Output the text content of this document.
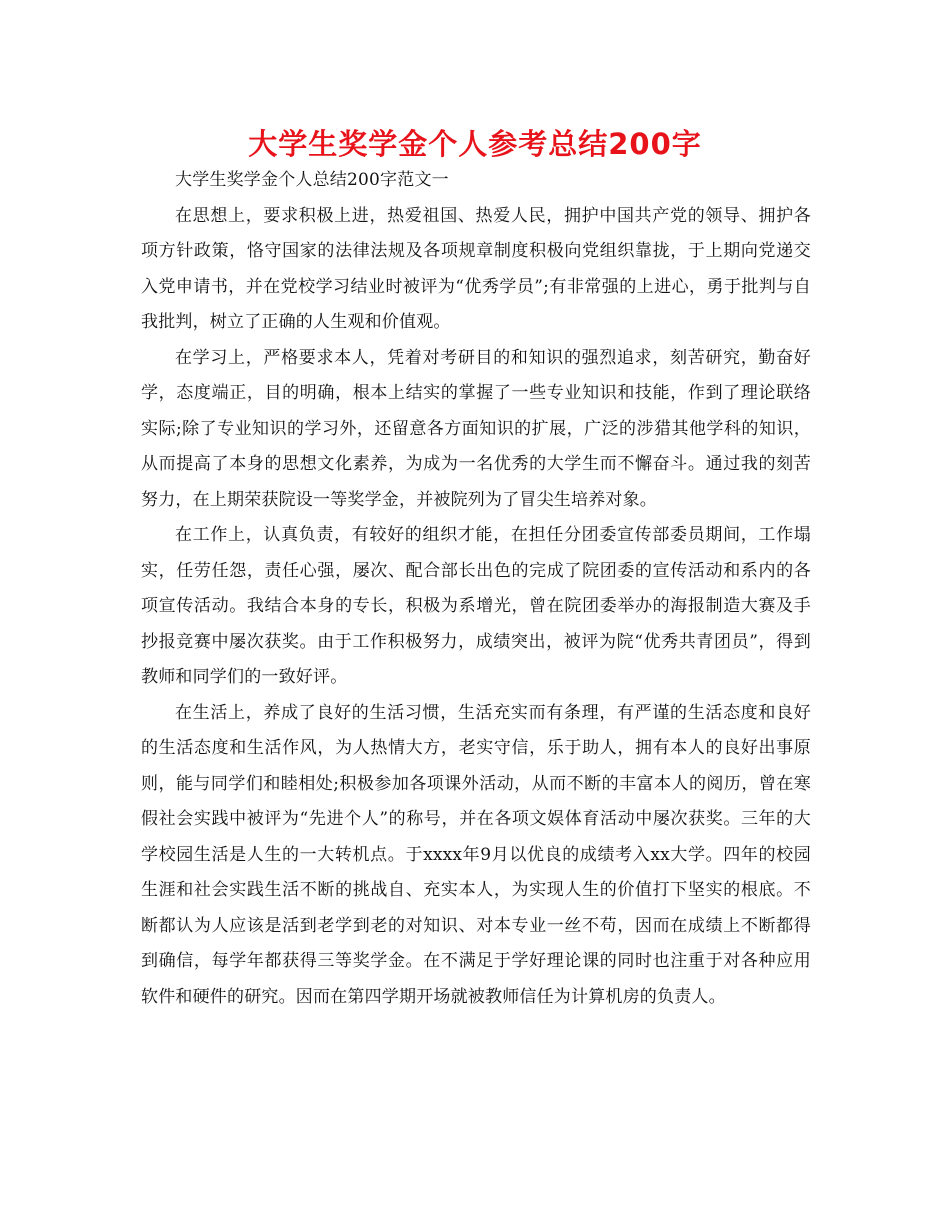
大学生奖学金个人参考总结200字

大学生奖学金个人总结200字范文一

在思想上，要求积极上进，热爱祖国、热爱人民，拥护中国共产党的领导、拥护各项方针政策，恪守国家的法律法规及各项规章制度积极向党组织靠拢，于上期向党递交入党申请书，并在党校学习结业时被评为“优秀学员”;有非常强的上进心，勇于批判与自我批判，树立了正确的人生观和价值观。

在学习上，严格要求本人，凭着对考研目的和知识的强烈追求，刻苦研究，勤奋好学，态度端正，目的明确，根本上结实的掌握了一些专业知识和技能，作到了理论联络实际;除了专业知识的学习外，还留意各方面知识的扩展，广泛的涉猎其他学科的知识，从而提高了本身的思想文化素养，为成为一名优秀的大学生而不懈奋斗。通过我的刻苦努力，在上期荣获院设一等奖学金，并被院列为了冒尖生培养对象。

在工作上，认真负责，有较好的组织才能，在担任分团委宣传部委员期间，工作塌实，任劳任怨，责任心强，屡次、配合部长出色的完成了院团委的宣传活动和系内的各项宣传活动。我结合本身的专长，积极为系增光，曾在院团委举办的海报制造大赛及手抄报竞赛中屡次获奖。由于工作积极努力，成绩突出，被评为院“优秀共青团员”，得到教师和同学们的一致好评。

在生活上，养成了良好的生活习惯，生活充实而有条理，有严谨的生活态度和良好的生活态度和生活作风，为人热情大方，老实守信，乐于助人，拥有本人的良好出事原则，能与同学们和睦相处;积极参加各项课外活动，从而不断的丰富本人的阅历，曾在寒假社会实践中被评为“先进个人”的称号，并在各项文娱体育活动中屡次获奖。三年的大学校园生活是人生的一大转机点。于xxxx年9月以优良的成绩考入xx大学。四年的校园生涯和社会实践生活不断的挑战自、充实本人，为实现人生的价值打下坚实的根底。不断都认为人应该是活到老学到老的对知识、对本专业一丝不苟，因而在成绩上不断都得到确信，每学年都获得三等奖学金。在不满足于学好理论课的同时也注重于对各种应用软件和硬件的研究。因而在第四学期开场就被教师信任为计算机房的负责人。
